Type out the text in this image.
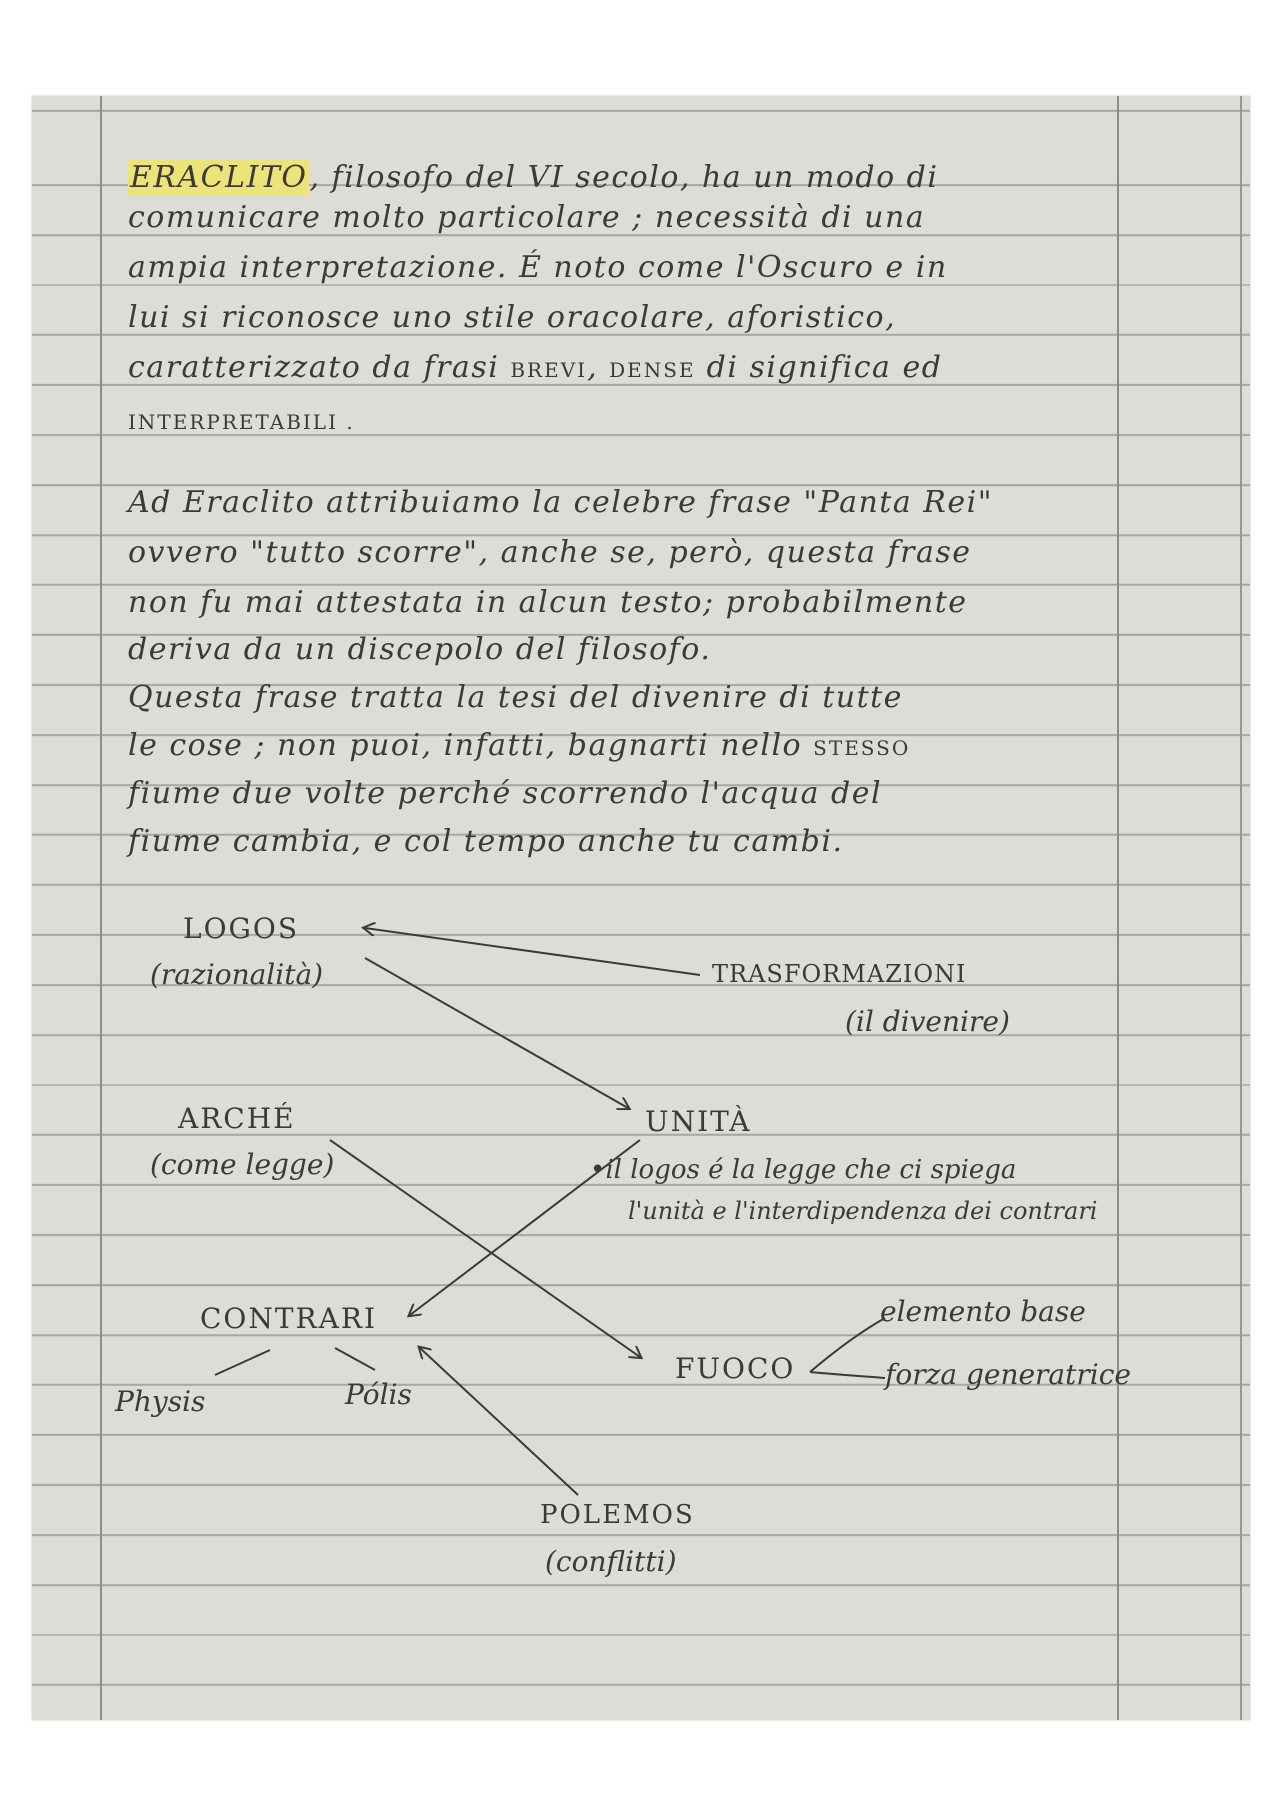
ERACLITO, filosofo del VI secolo, ha un modo di
comunicare molto particolare ; necessità di una
ampia interpretazione. É noto come l'Oscuro e in
lui si riconosce uno stile oracolare, aforistico,
caratterizzato da frasi BREVI, DENSE di significa ed
INTERPRETABILI .
Ad Eraclito attribuiamo la celebre frase "Panta Rei"
ovvero "tutto scorre", anche se, però, questa frase
non fu mai attestata in alcun testo; probabilmente
deriva da un discepolo del filosofo.
Questa frase tratta la tesi del divenire di tutte
le cose ; non puoi, infatti, bagnarti nello STESSO
fiume due volte perché scorrendo l'acqua del
fiume cambia, e col tempo anche tu cambi.
LOGOS
(razionalità)	TRASFORMAZIONI
(il divenire)
ARCHÉ
(come legge)
UNITÀ
•il logos é la legge che ci spiega
l'unità e l'interdipendenza dei contrari
CONTRARI
Physis	Pólis
FUOCO
elemento base
forza generatrice
POLEMOS
(conflitti)
